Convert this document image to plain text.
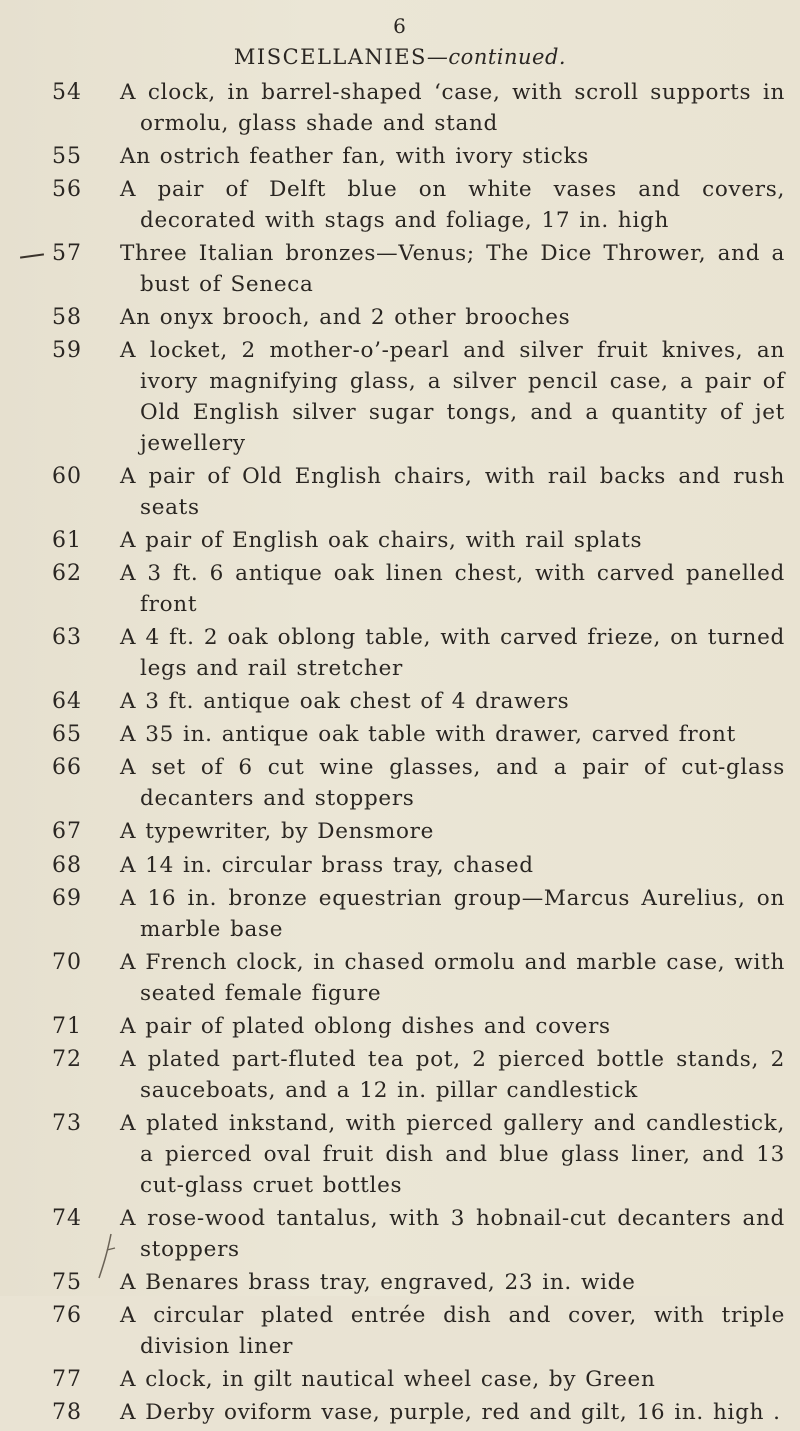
6
MISCELLANIES—continued.
54	A clock, in barrel-shaped ‘case, with scroll supports in ormolu, glass shade and stand
55	An ostrich feather fan, with ivory sticks
56	A pair of Delft blue on white vases and covers, decorated with stags and foliage, 17 in. high
57	Three Italian bronzes—Venus; The Dice Thrower, and a bust of Seneca
58	An onyx brooch, and 2 other brooches
59	A locket, 2 mother-o’-pearl and silver fruit knives, an ivory magnifying glass, a silver pencil case, a pair of Old English silver sugar tongs, and a quantity of jet jewellery
60	A pair of Old English chairs, with rail backs and rush seats
61	A pair of English oak chairs, with rail splats
62	A 3 ft. 6 antique oak linen chest, with carved panelled front
63	A 4 ft. 2 oak oblong table, with carved frieze, on turned legs and rail stretcher
64	A 3 ft. antique oak chest of 4 drawers
65	A 35 in. antique oak table with drawer, carved front
66	A set of 6 cut wine glasses, and a pair of cut-glass decanters and stoppers
67	A typewriter, by Densmore
68	A 14 in. circular brass tray, chased
69	A 16 in. bronze equestrian group—Marcus Aurelius, on marble base
70	A French clock, in chased ormolu and marble case, with seated female figure
71	A pair of plated oblong dishes and covers
72	A plated part-fluted tea pot, 2 pierced bottle stands, 2 sauceboats, and a 12 in. pillar candlestick
73	A plated inkstand, with pierced gallery and candlestick, a pierced oval fruit dish and blue glass liner, and 13 cut-glass cruet bottles
74	A rose-wood tantalus, with 3 hobnail-cut decanters and stoppers
75	A Benares brass tray, engraved, 23 in. wide
76	A circular plated entrée dish and cover, with triple division liner
77	A clock, in gilt nautical wheel case, by Green
78	A Derby oviform vase, purple, red and gilt, 16 in. high .
